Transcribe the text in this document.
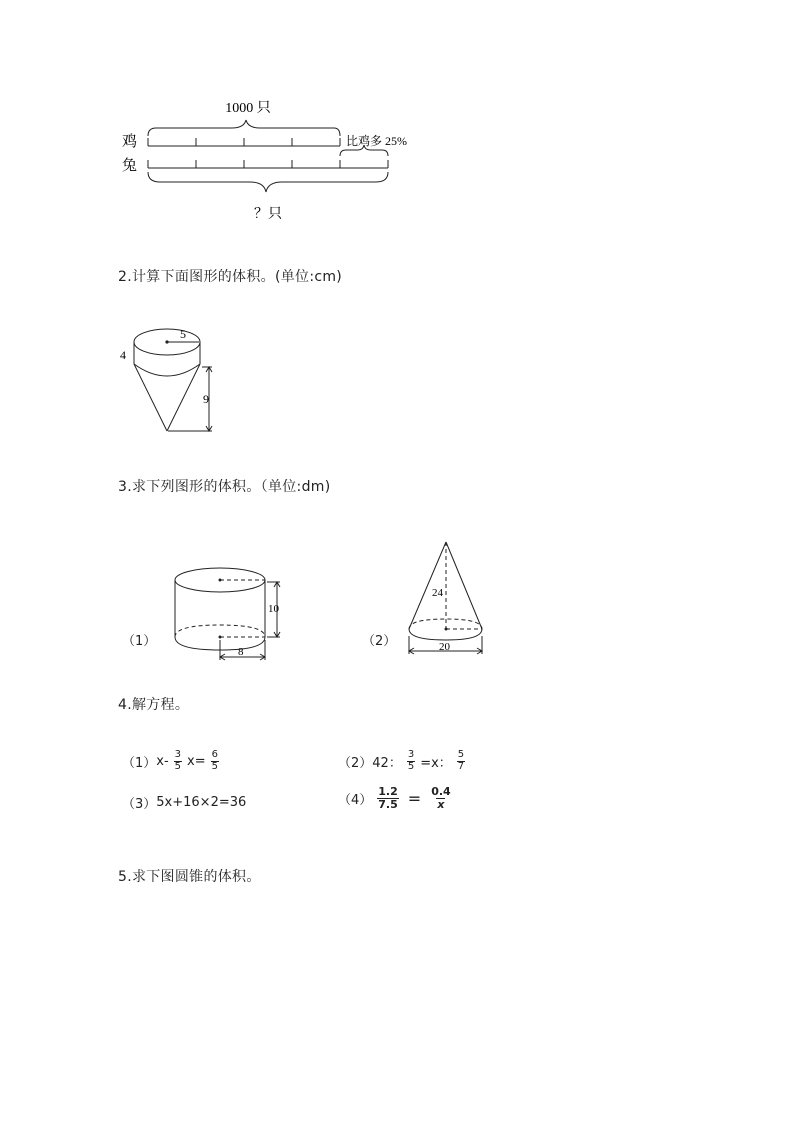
1000 只
鸡	比鸡多 25%
兔
？只
2.计算下面图形的体积。(单位:cm)
5
4
9
3.求下列图形的体积。（单位:dm)
（1）
10
8
（2）
24
20
4.解方程。
（1） $x- \frac{3}{5} x= \frac{6}{5}$	（2） 42： $\frac{3}{5} =x$： $\frac{5}{7}$
（3） 5x+16×2=36	$(4) \frac{1.2}{7.5} = \frac{0.4}{x}$
5.求下图圆锥的体积。
